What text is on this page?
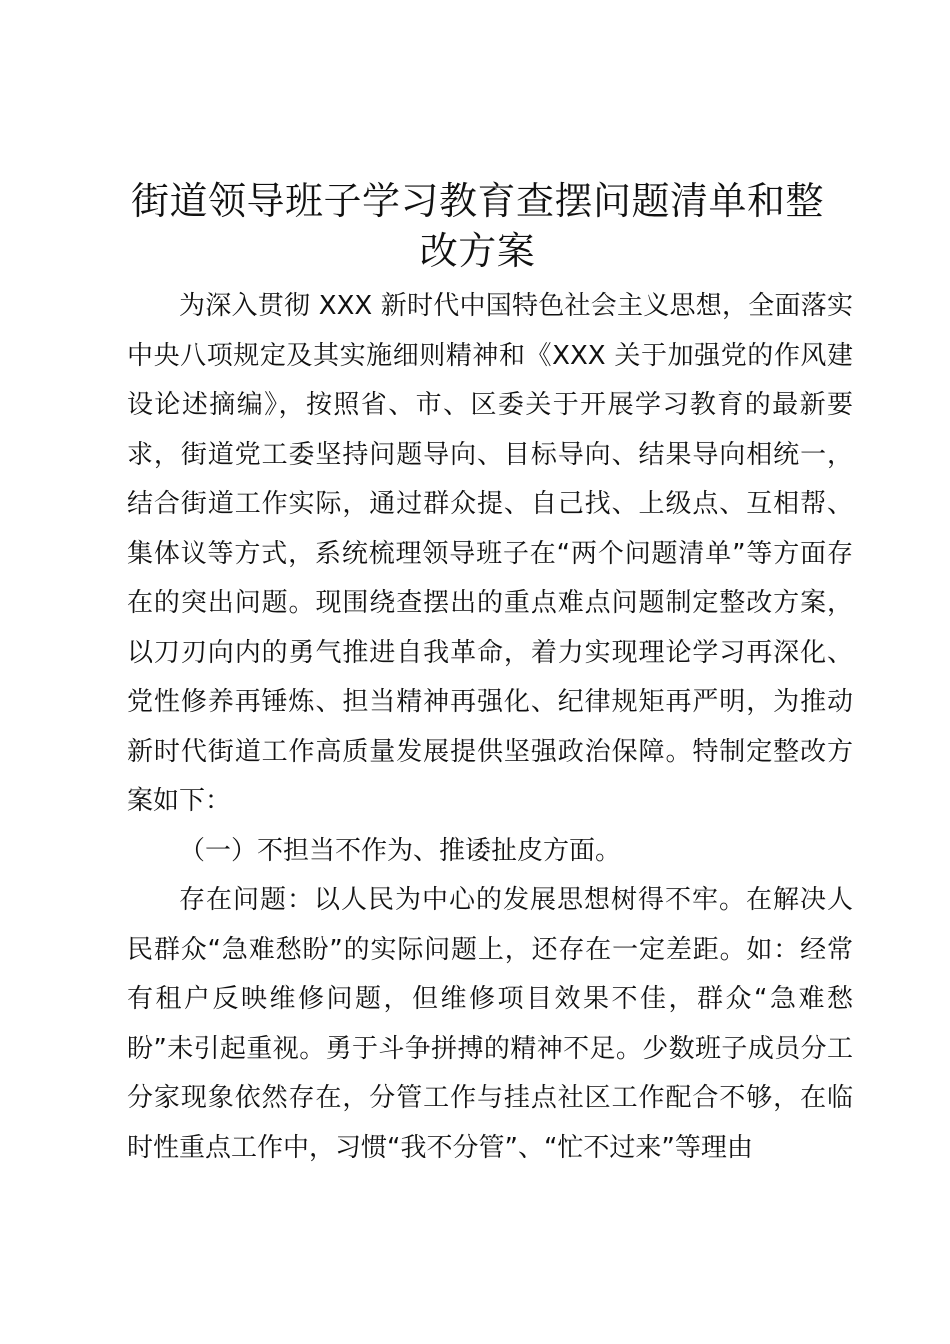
街道领导班子学习教育查摆问题清单和整改方案

为深入贯彻 XXX 新时代中国特色社会主义思想，全面落实中央八项规定及其实施细则精神和《XXX 关于加强党的作风建设论述摘编》，按照省、市、区委关于开展学习教育的最新要求，街道党工委坚持问题导向、目标导向、结果导向相统一，结合街道工作实际，通过群众提、自己找、上级点、互相帮、集体议等方式，系统梳理领导班子在“两个问题清单”等方面存在的突出问题。现围绕查摆出的重点难点问题制定整改方案，以刀刃向内的勇气推进自我革命，着力实现理论学习再深化、党性修养再锤炼、担当精神再强化、纪律规矩再严明，为推动新时代街道工作高质量发展提供坚强政治保障。特制定整改方案如下：

（一）不担当不作为、推诿扯皮方面。

存在问题：以人民为中心的发展思想树得不牢。在解决人民群众“急难愁盼”的实际问题上，还存在一定差距。如：经常有租户反映维修问题，但维修项目效果不佳，群众“急难愁盼”未引起重视。勇于斗争拼搏的精神不足。少数班子成员分工分家现象依然存在，分管工作与挂点社区工作配合不够，在临时性重点工作中，习惯“我不分管”、“忙不过来”等理由
